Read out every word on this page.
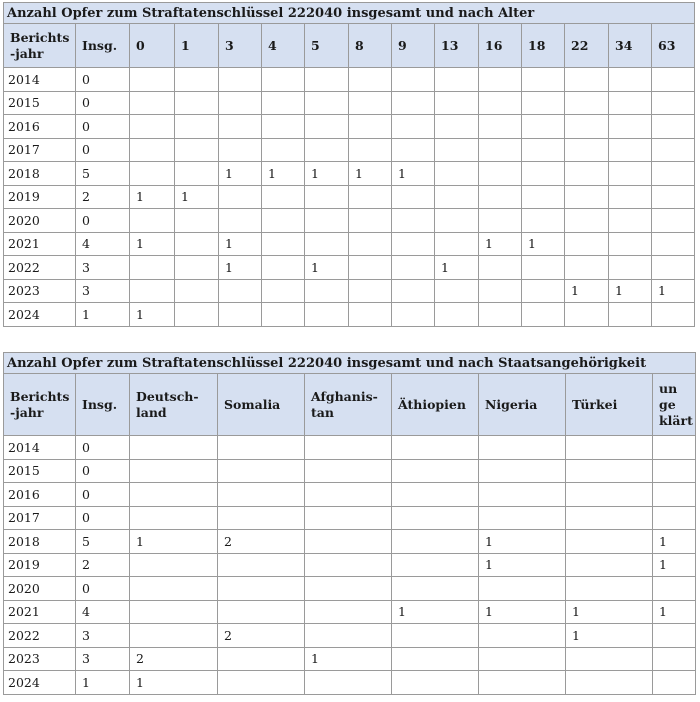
Anzahl Opfer zum Straftatenschlüssel 222040 insgesamt und nach Alter														
Berichts
-jahr	Insg.	0	1	3	4	5	8	9	13	16	18	22	34	63
2014	0													
2015	0													
2016	0													
2017	0													
2018	5			1	1	1	1	1						
2019	2	1	1											
2020	0													
2021	4	1		1						1	1			
2022	3			1		1			1					
2023	3											1	1	1
2024	1	1												
Anzahl Opfer zum Straftatenschlüssel 222040 insgesamt und nach Staatsangehörigkeit								
Berichts
-jahr	Insg.	Deutsch-
land	Somalia	Afghanis-
tan	Äthiopien	Nigeria	Türkei	un
ge
klärt
2014	0							
2015	0							
2016	0							
2017	0							
2018	5	1	2			1		1
2019	2					1		1
2020	0							
2021	4				1	1	1	1
2022	3		2				1	
2023	3	2		1				
2024	1	1						
